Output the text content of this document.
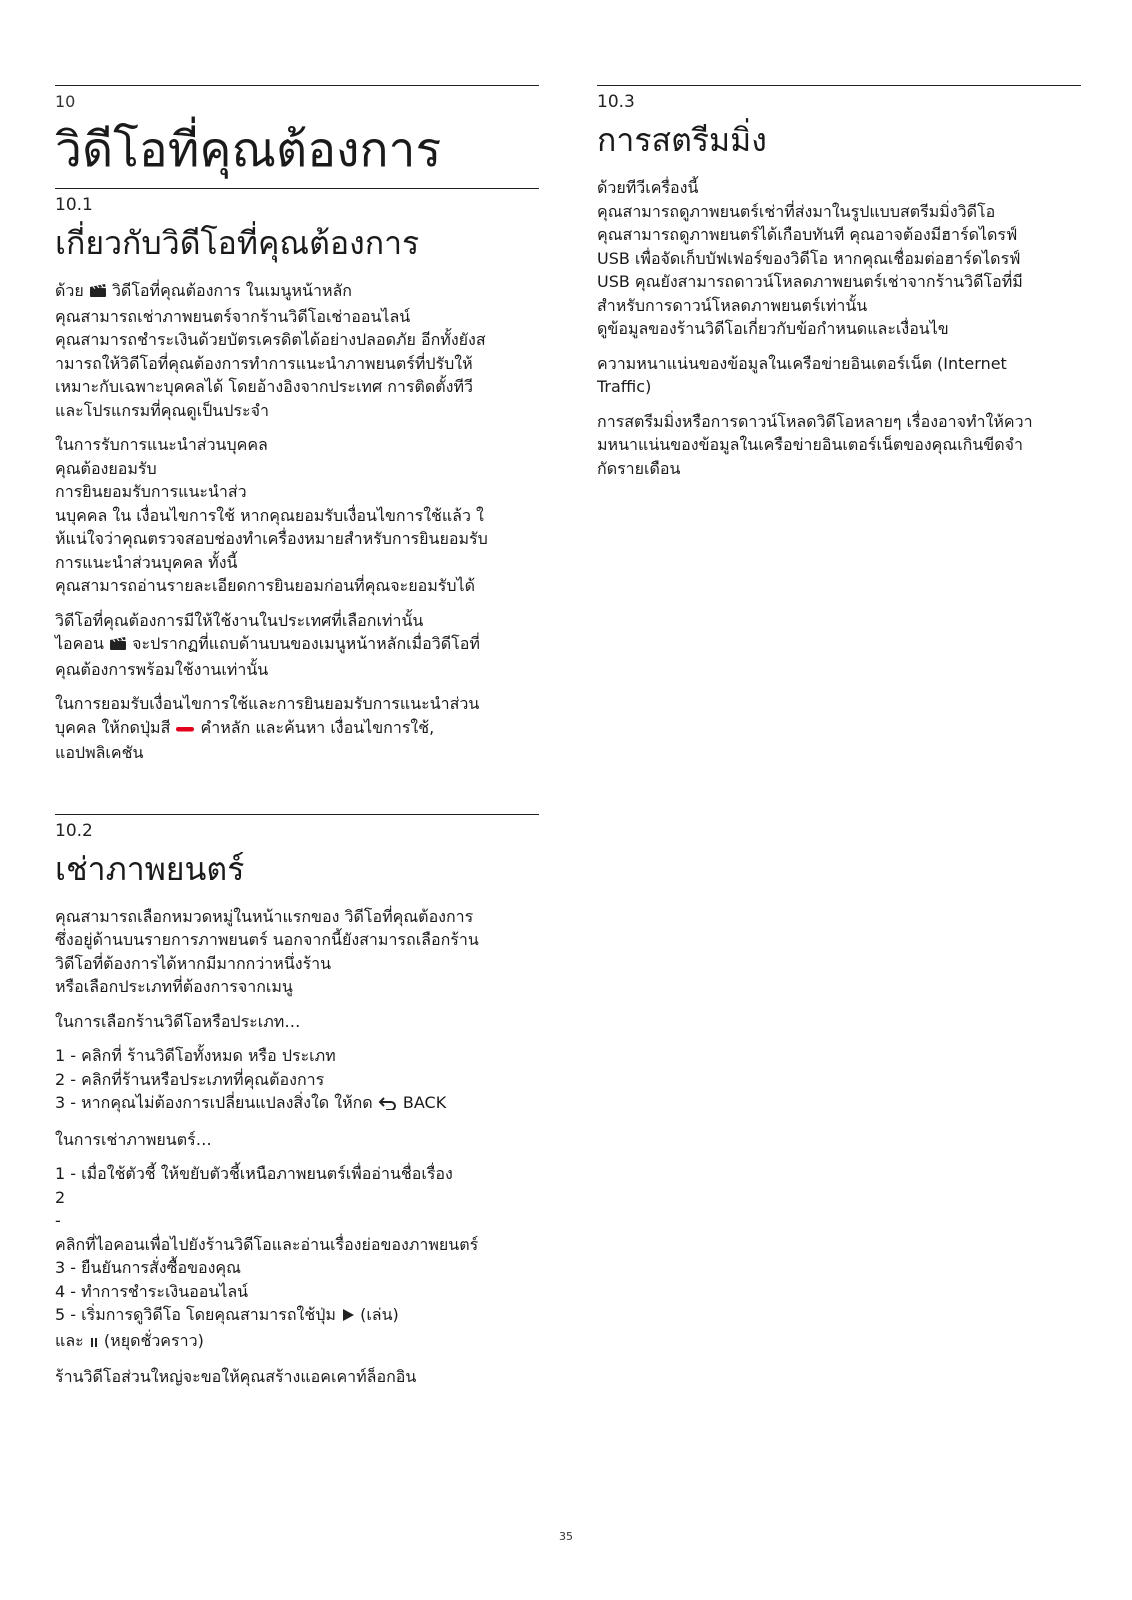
10
วิดีโอที่คุณต้องการ
10.1
เกี่ยวกับวิดีโอที่คุณต้องการ
ด้วย วิดีโอที่คุณต้องการ ในเมนูหน้าหลัก
คุณสามารถเช่าภาพยนตร์จากร้านวิดีโอเช่าออนไลน์
คุณสามารถชำระเงินด้วยบัตรเครดิตได้อย่างปลอดภัย อีกทั้งยังส
ามารถให้วิดีโอที่คุณต้องการทำการแนะนำภาพยนตร์ที่ปรับให้
เหมาะกับเฉพาะบุคคลได้ โดยอ้างอิงจากประเทศ การติดตั้งทีวี
และโปรแกรมที่คุณดูเป็นประจำ
ในการรับการแนะนำส่วนบุคคล
คุณต้องยอมรับ
การยินยอมรับการแนะนำส่ว
นบุคคล ใน เงื่อนไขการใช้ หากคุณยอมรับเงื่อนไขการใช้แล้ว ใ
ห้แน่ใจว่าคุณตรวจสอบช่องทำเครื่องหมายสำหรับการยินยอมรับ
การแนะนำส่วนบุคคล ทั้งนี้
คุณสามารถอ่านรายละเอียดการยินยอมก่อนที่คุณจะยอมรับได้
วิดีโอที่คุณต้องการมีให้ใช้งานในประเทศที่เลือกเท่านั้น
ไอคอน จะปรากฏที่แถบด้านบนของเมนูหน้าหลักเมื่อวิดีโอที่
คุณต้องการพร้อมใช้งานเท่านั้น
ในการยอมรับเงื่อนไขการใช้และการยินยอมรับการแนะนำส่วน
บุคคล ให้กดปุ่มสี คำหลัก และค้นหา เงื่อนไขการใช้,
แอปพลิเคชัน
10.2
เช่าภาพยนตร์
คุณสามารถเลือกหมวดหมู่ในหน้าแรกของ วิดีโอที่คุณต้องการ
ซึ่งอยู่ด้านบนรายการภาพยนตร์ นอกจากนี้ยังสามารถเลือกร้าน
วิดีโอที่ต้องการได้หากมีมากกว่าหนึ่งร้าน
หรือเลือกประเภทที่ต้องการจากเมนู
ในการเลือกร้านวิดีโอหรือประเภท…
1 - คลิกที่ ร้านวิดีโอทั้งหมด หรือ ประเภท
2 - คลิกที่ร้านหรือประเภทที่คุณต้องการ
3 - หากคุณไม่ต้องการเปลี่ยนแปลงสิ่งใด ให้กด BACK
ในการเช่าภาพยนตร์…
1 - เมื่อใช้ตัวชี้ ให้ขยับตัวชี้เหนือภาพยนตร์เพื่ออ่านชื่อเรื่อง
2
-
คลิกที่ไอคอนเพื่อไปยังร้านวิดีโอและอ่านเรื่องย่อของภาพยนตร์
3 - ยืนยันการสั่งซื้อของคุณ
4 - ทำการชำระเงินออนไลน์
5 - เริ่มการดูวิดีโอ โดยคุณสามารถใช้ปุ่ม (เล่น)
และ (หยุดชั่วคราว)
ร้านวิดีโอส่วนใหญ่จะขอให้คุณสร้างแอคเคาท์ล็อกอิน
10.3
การสตรีมมิ่ง
ด้วยทีวีเครื่องนี้
คุณสามารถดูภาพยนตร์เช่าที่ส่งมาในรูปแบบสตรีมมิ่งวิดีโอ
คุณสามารถดูภาพยนตร์ได้เกือบทันที คุณอาจต้องมีฮาร์ดไดรฟ์
USB เพื่อจัดเก็บบัฟเฟอร์ของวิดีโอ หากคุณเชื่อมต่อฮาร์ดไดรฟ์
USB คุณยังสามารถดาวน์โหลดภาพยนตร์เช่าจากร้านวิดีโอที่มี
สำหรับการดาวน์โหลดภาพยนตร์เท่านั้น
ดูข้อมูลของร้านวิดีโอเกี่ยวกับข้อกำหนดและเงื่อนไข
ความหนาแน่นของข้อมูลในเครือข่ายอินเตอร์เน็ต (Internet
Traffic)
การสตรีมมิ่งหรือการดาวน์โหลดวิดีโอหลายๆ เรื่องอาจทำให้ควา
มหนาแน่นของข้อมูลในเครือข่ายอินเตอร์เน็ตของคุณเกินขีดจำ
กัดรายเดือน
35
